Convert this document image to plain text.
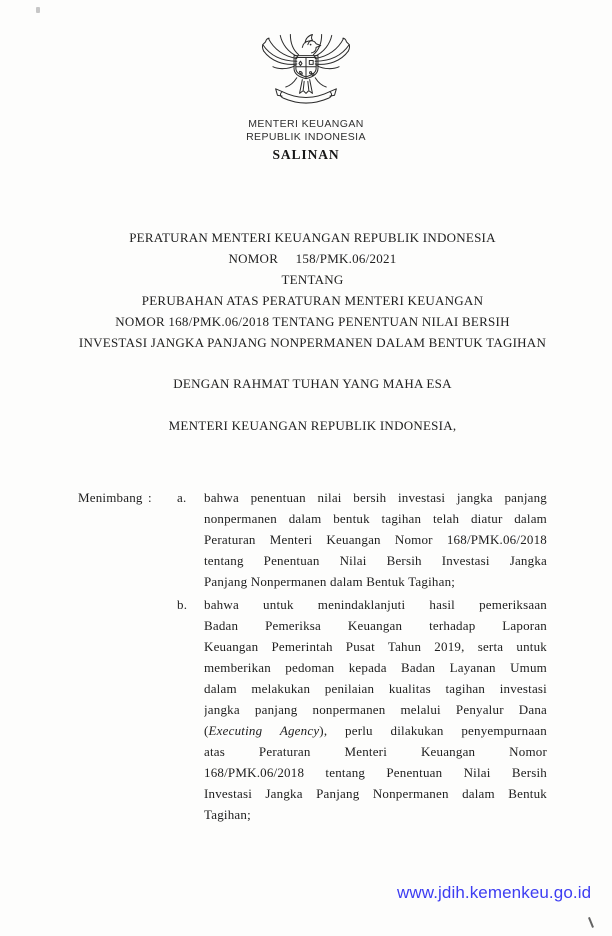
MENTERI KEUANGAN
REPUBLIK INDONESIA
SALINAN
PERATURAN MENTERI KEUANGAN REPUBLIK INDONESIA
NOMOR     158/PMK.06/2021
TENTANG
PERUBAHAN ATAS PERATURAN MENTERI KEUANGAN
NOMOR 168/PMK.06/2018 TENTANG PENENTUAN NILAI BERSIH
INVESTASI JANGKA PANJANG NONPERMANEN DALAM BENTUK TAGIHAN
DENGAN RAHMAT TUHAN YANG MAHA ESA
MENTERI KEUANGAN REPUBLIK INDONESIA,
Menimbang :	a. bahwa penentuan nilai bersih investasi jangka panjang
nonpermanen dalam bentuk tagihan telah diatur dalam
Peraturan Menteri Keuangan Nomor 168/PMK.06/2018
tentang Penentuan Nilai Bersih Investasi Jangka
Panjang Nonpermanen dalam Bentuk Tagihan;
b. bahwa untuk menindaklanjuti hasil pemeriksaan
Badan Pemeriksa Keuangan terhadap Laporan
Keuangan Pemerintah Pusat Tahun 2019, serta untuk
memberikan pedoman kepada Badan Layanan Umum
dalam melakukan penilaian kualitas tagihan investasi
jangka panjang nonpermanen melalui Penyalur Dana
(Executing Agency), perlu dilakukan penyempurnaan
atas Peraturan Menteri Keuangan Nomor
168/PMK.06/2018 tentang Penentuan Nilai Bersih
Investasi Jangka Panjang Nonpermanen dalam Bentuk
Tagihan;
www.jdih.kemenkeu.go.id
